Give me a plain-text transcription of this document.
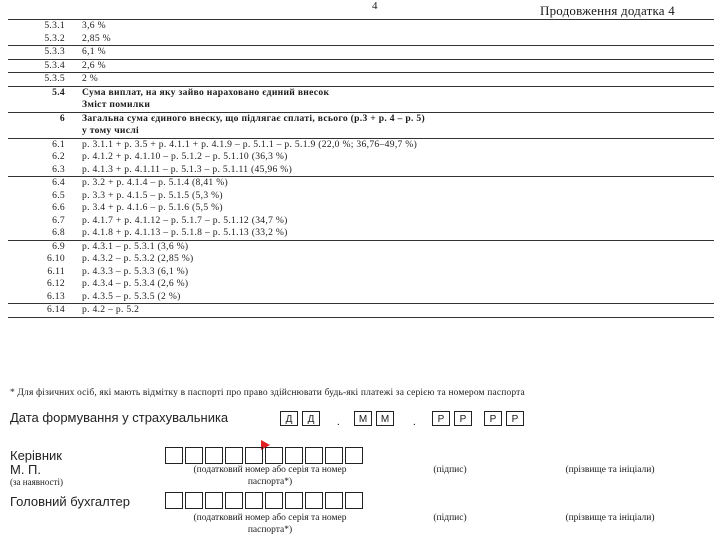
4	Продовження додатка 4
5.3.1	3,6 %
5.3.2	2,85 %
5.3.3	6,1 %
5.3.4	2,6 %
5.3.5	2 %
5.4	Сума виплат, на яку зайво нараховано єдиний внесок
	Зміст помилки
6	Загальна сума єдиного внеску, що підлягає сплаті, всього (р.3 + р. 4 – р. 5)
	у тому числі
6.1	р. 3.1.1 + р. 3.5 + р. 4.1.1 + р. 4.1.9 – р. 5.1.1 – р. 5.1.9 (22,0 %; 36,76–49,7 %)
6.2	р. 4.1.2 + р. 4.1.10 – р. 5.1.2 – р. 5.1.10 (36,3 %)
6.3	р. 4.1.3 + р. 4.1.11 – р. 5.1.3 – р. 5.1.11 (45,96 %)
6.4	р. 3.2 + р. 4.1.4 – р. 5.1.4 (8,41 %)
6.5	р. 3.3 + р. 4.1.5 – р. 5.1.5 (5,3 %)
6.6	р. 3.4 + р. 4.1.6 – р. 5.1.6 (5,5 %)
6.7	р. 4.1.7 + р. 4.1.12 – р. 5.1.7 – р. 5.1.12 (34,7 %)
6.8	р. 4.1.8 + р. 4.1.13 – р. 5.1.8 – р. 5.1.13 (33,2 %)
6.9	р. 4.3.1 – р. 5.3.1 (3,6 %)
6.10	р. 4.3.2 – р. 5.3.2 (2,85 %)
6.11	р. 4.3.3 – р. 5.3.3 (6,1 %)
6.12	р. 4.3.4 – р. 5.3.4 (2,6 %)
6.13	р. 4.3.5 – р. 5.3.5 (2 %)
6.14	р. 4.2 – р. 5.2
* Для фізичних осіб, які мають відмітку в паспорті про право здійснювати будь-які платежі за серією та номером паспорта
Дата формування у страхувальника	Д	Д	.	М	М	.	Р	Р	Р	Р
Керівник
М. П.
(за наявності)
(податковий номер або серія та номер паспорта*)
(підпис)	(прізвище та ініціали)
Головний бухгалтер
(податковий номер або серія та номер паспорта*)
(підпис)	(прізвище та ініціали)
